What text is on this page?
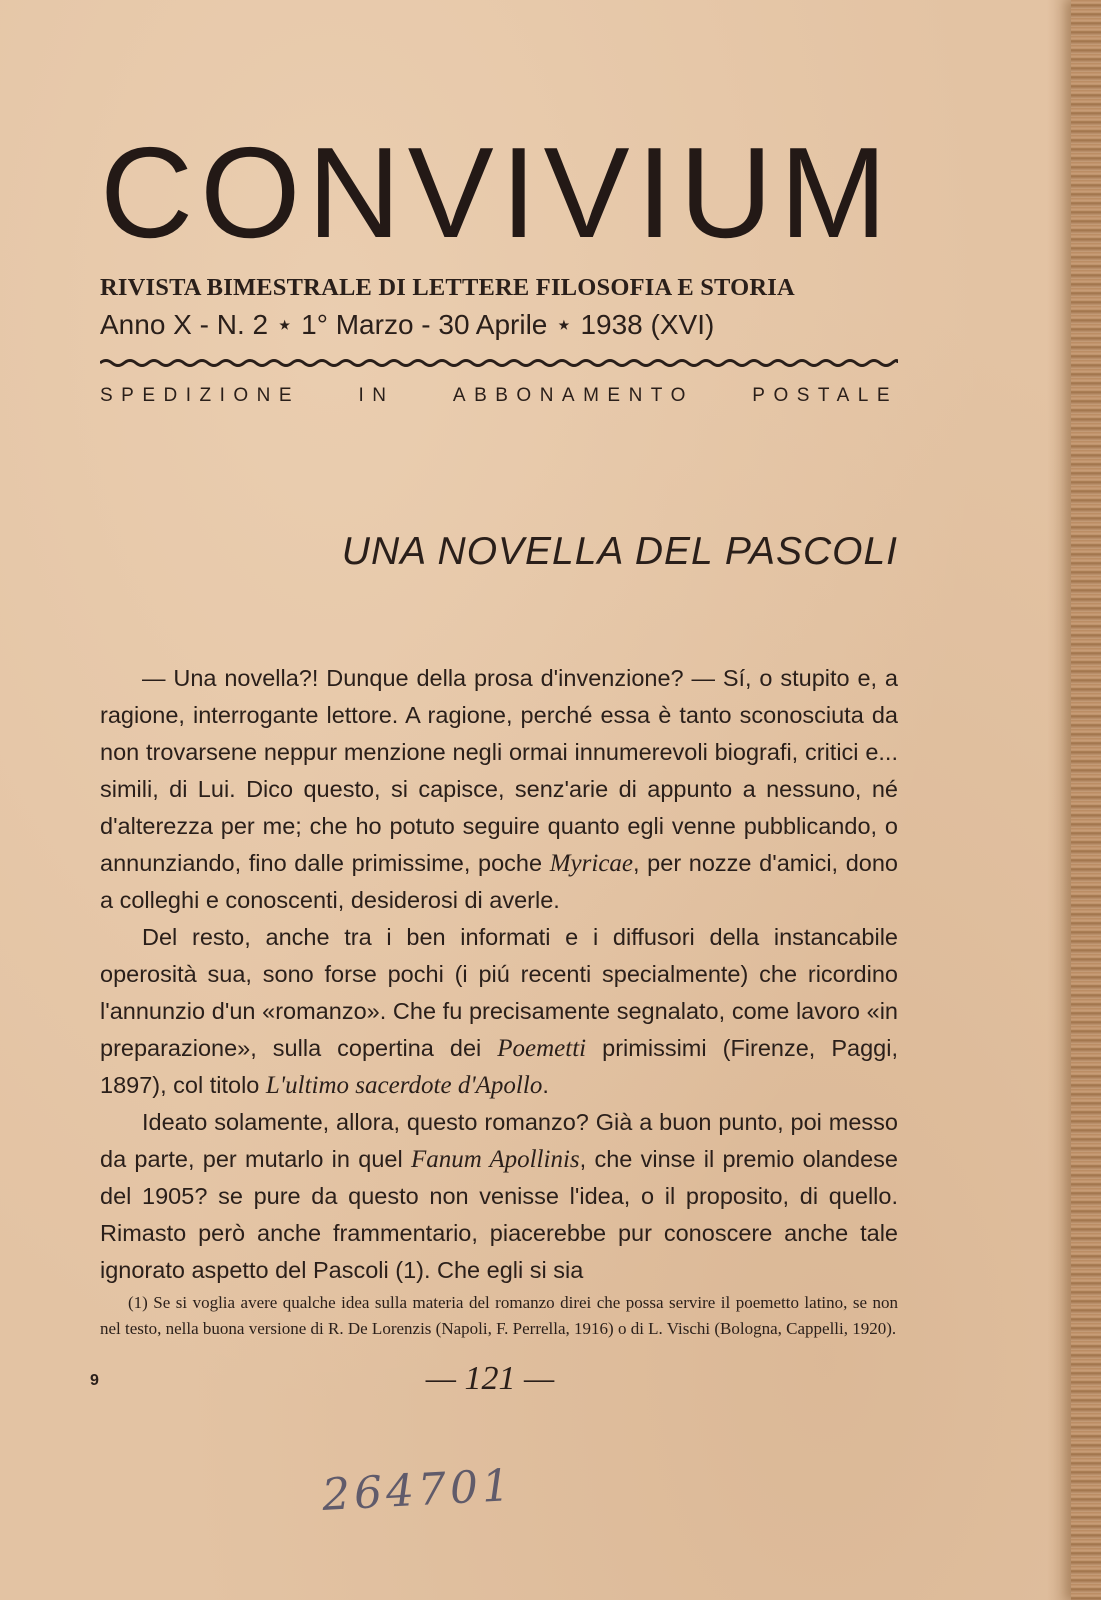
CONVIVIUM
RIVISTA BIMESTRALE DI LETTERE FILOSOFIA E STORIA
Anno X - N. 2 ⋆ 1° Marzo - 30 Aprile ⋆ 1938 (XVI)
SPEDIZIONE	IN	ABBONAMENTO	POSTALE
UNA NOVELLA DEL PASCOLI

— Una novella?! Dunque della prosa d'invenzione? — Sí, o stupito e, a ragione, interrogante lettore. A ragione, perché essa è tanto sconosciuta da non trovarsene neppur menzione negli ormai innumerevoli biografi, critici e... simili, di Lui. Dico questo, si capisce, senz'arie di appunto a nessuno, né d'alterezza per me; che ho potuto seguire quanto egli venne pubblicando, o annunziando, fino dalle primissime, poche Myricae, per nozze d'amici, dono a colleghi e conoscenti, desiderosi di averle.

Del resto, anche tra i ben informati e i diffusori della instancabile operosità sua, sono forse pochi (i piú recenti specialmente) che ricordino l'annunzio d'un «romanzo». Che fu precisamente segnalato, come lavoro «in preparazione», sulla copertina dei Poemetti primissimi (Firenze, Paggi, 1897), col titolo L'ultimo sacerdote d'Apollo.

Ideato solamente, allora, questo romanzo? Già a buon punto, poi messo da parte, per mutarlo in quel Fanum Apollinis, che vinse il premio olandese del 1905? se pure da questo non venisse l'idea, o il proposito, di quello. Rimasto però anche frammentario, piacerebbe pur conoscere anche tale ignorato aspetto del Pascoli (1). Che egli si sia

(1) Se si voglia avere qualche idea sulla materia del romanzo direi che possa servire il poemetto latino, se non nel testo, nella buona versione di R. De Lorenzis (Napoli, F. Perrella, 1916) o di L. Vischi (Bologna, Cappelli, 1920).

9	— 121 —
264701
